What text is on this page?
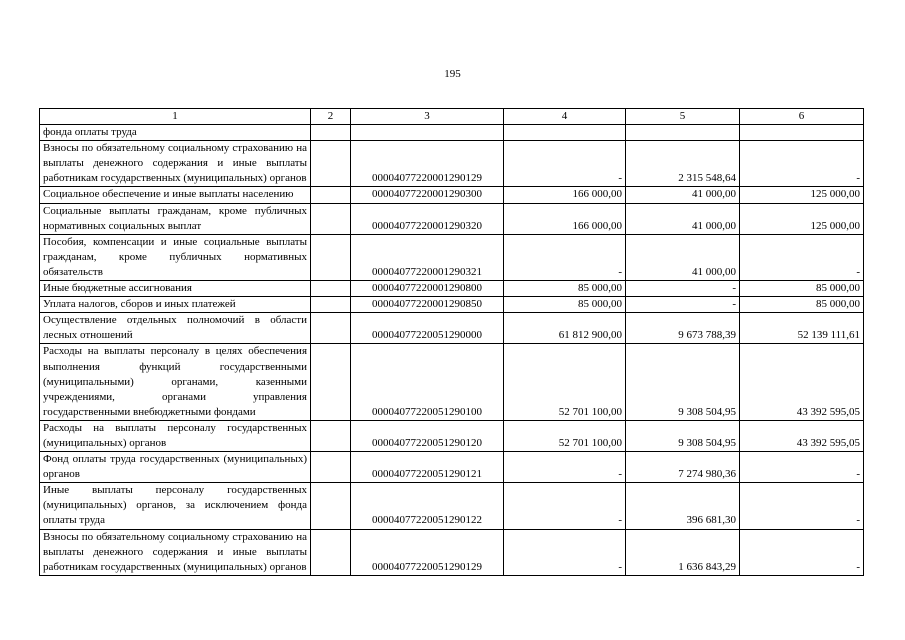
195
1	2	3	4	5	6
фонда оплаты труда					
Взносы по обязательному социальному страхованию на выплаты денежного содержания и иные выплаты работникам государственных (муниципальных) органов		00004077220001290129	-	2 315 548,64	-
Социальное обеспечение и иные выплаты населению		00004077220001290300	166 000,00	41 000,00	125 000,00
Социальные выплаты гражданам, кроме публичных нормативных социальных выплат		00004077220001290320	166 000,00	41 000,00	125 000,00
Пособия, компенсации и иные социальные выплаты гражданам, кроме публичных нормативных обязательств		00004077220001290321	-	41 000,00	-
Иные бюджетные ассигнования		00004077220001290800	85 000,00	-	85 000,00
Уплата налогов, сборов и иных платежей		00004077220001290850	85 000,00	-	85 000,00
Осуществление отдельных полномочий в области лесных отношений		00004077220051290000	61 812 900,00	9 673 788,39	52 139 111,61
Расходы на выплаты персоналу в целях обеспечения выполнения функций государственными (муниципальными) органами, казенными учреждениями, органами управления государственными внебюджетными фондами		00004077220051290100	52 701 100,00	9 308 504,95	43 392 595,05
Расходы на выплаты персоналу государственных (муниципальных) органов		00004077220051290120	52 701 100,00	9 308 504,95	43 392 595,05
Фонд оплаты труда государственных (муниципальных) органов		00004077220051290121	-	7 274 980,36	-
Иные выплаты персоналу государственных (муниципальных) органов, за исключением фонда оплаты труда		00004077220051290122	-	396 681,30	-
Взносы по обязательному социальному страхованию на выплаты денежного содержания и иные выплаты работникам государственных (муниципальных) органов		00004077220051290129	-	1 636 843,29	-
